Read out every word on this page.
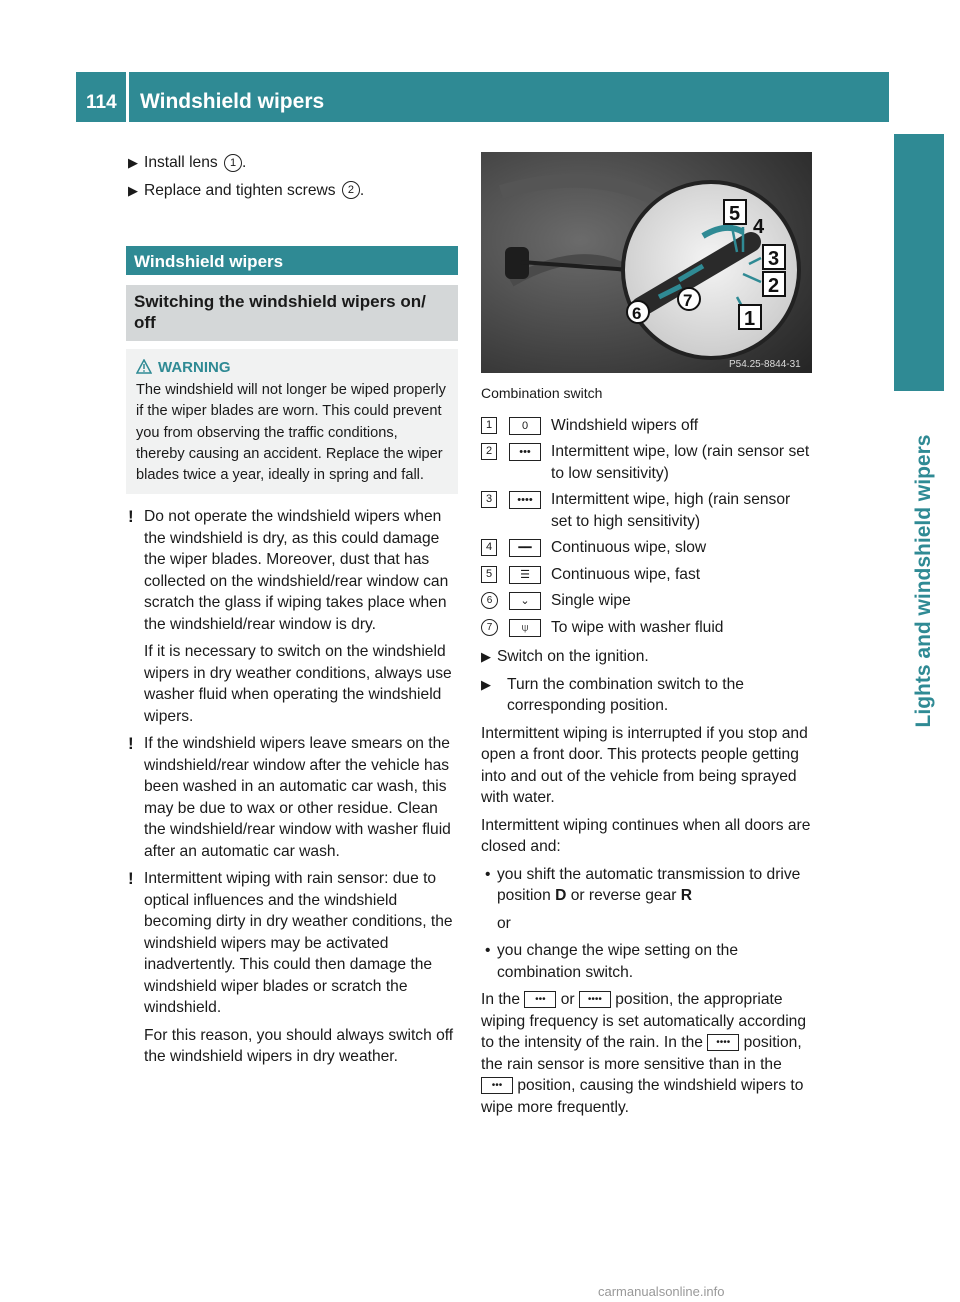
114 Windshield wipers
Lights and windshield wipers
▶ Install lens 1 .
▶ Replace and tighten screws 2 .
Windshield wipers
Switching the windshield wipers on/ off
WARNING
The windshield will not longer be wiped properly if the wiper blades are worn. This could prevent you from observing the traffic conditions, thereby causing an accident. Replace the wiper blades twice a year, ideally in spring and fall.
! Do not operate the windshield wipers when the windshield is dry, as this could damage the wiper blades. Moreover, dust that has collected on the windshield/rear window can scratch the glass if wiping takes place when the windshield/rear window is dry.

If it is necessary to switch on the windshield wipers in dry weather conditions, always use washer fluid when operating the windshield wipers.

! If the windshield wipers leave smears on the windshield/rear window after the vehicle has been washed in an automatic car wash, this may be due to wax or other residue. Clean the windshield/rear window with washer fluid after an automatic car wash.

! Intermittent wiping with rain sensor: due to optical influences and the windshield becoming dirty in dry weather conditions, the windshield wipers may be activated inadvertently. This could then damage the windshield wiper blades or scratch the windshield.

For this reason, you should always switch off the windshield wipers in dry weather.

5
4
3
2
1
6
7
P54.25-8844-31
Combination switch
1	0	Windshield wipers off
2	•••	Intermittent wipe, low (rain sensor set to low sensitivity)
3	••••	Intermittent wipe, high (rain sensor set to high sensitivity)
4	━━	Continuous wipe, slow
5	☰	Continuous wipe, fast
6	⌄	Single wipe
7	⍦	To wipe with washer fluid
▶ Switch on the ignition.
▶ Turn the combination switch to the corresponding position.

Intermittent wiping is interrupted if you stop and open a front door. This protects people getting into and out of the vehicle from being sprayed with water.

Intermittent wiping continues when all doors are closed and:

• you shift the automatic transmission to drive position D or reverse gear R
or
• you change the wipe setting on the combination switch.

In the ••• or •••• position, the appropriate wiping frequency is set automatically according to the intensity of the rain. In the •••• position, the rain sensor is more sensitive than in the ••• position, causing the windshield wipers to wipe more frequently.

carmanualsonline.info
